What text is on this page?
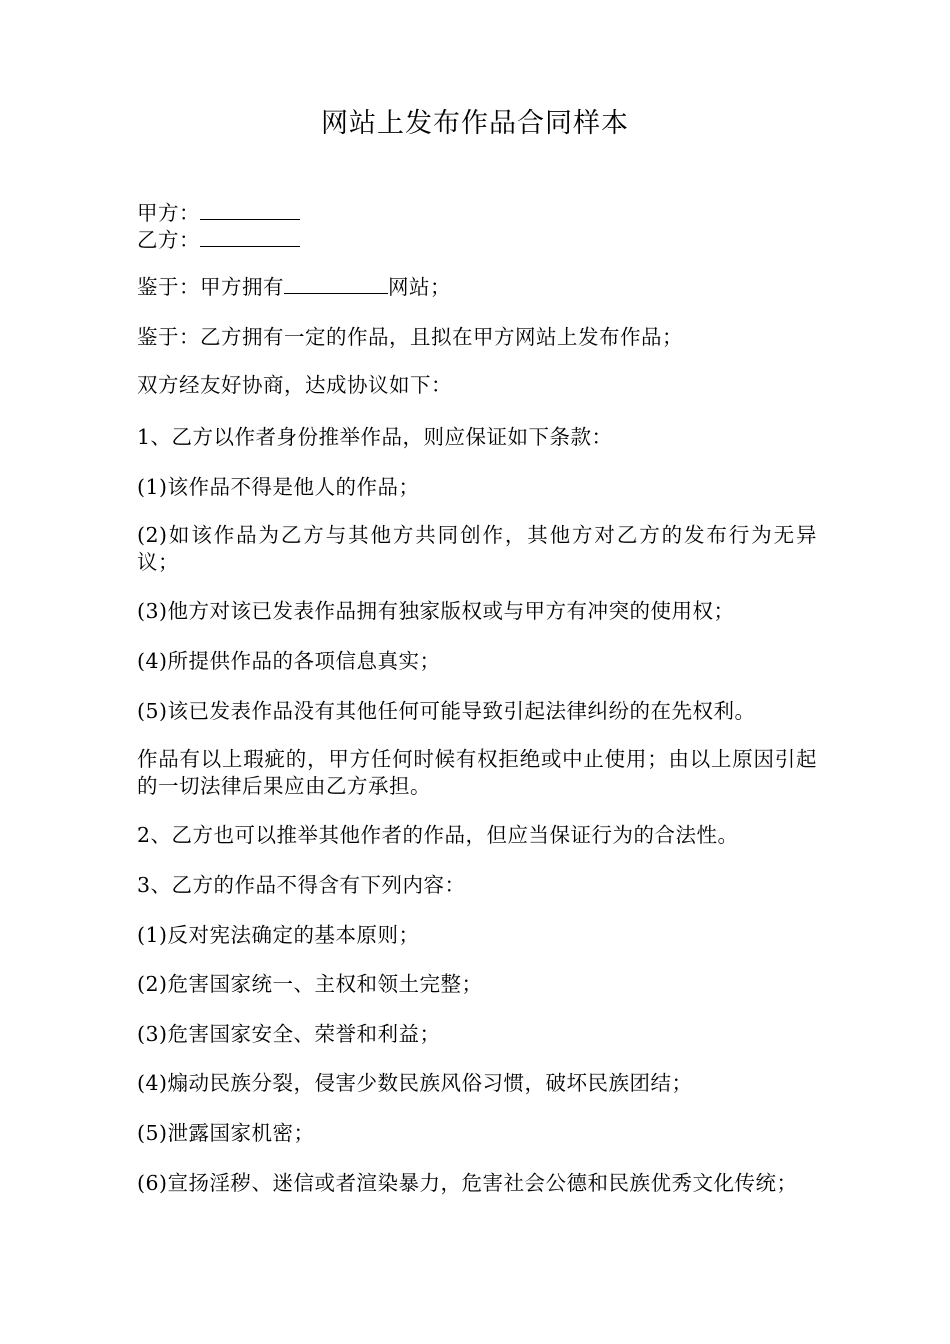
网站上发布作品合同样本
甲方：
乙方：
鉴于：甲方拥有	网站；
鉴于：乙方拥有一定的作品，且拟在甲方网站上发布作品；
双方经友好协商，达成协议如下：
1、乙方以作者身份推举作品，则应保证如下条款：
(1)该作品不得是他人的作品；
(2)如该作品为乙方与其他方共同创作，其他方对乙方的发布行为无异议；
(3)他方对该已发表作品拥有独家版权或与甲方有冲突的使用权；
(4)所提供作品的各项信息真实；
(5)该已发表作品没有其他任何可能导致引起法律纠纷的在先权利。
作品有以上瑕疵的，甲方任何时候有权拒绝或中止使用；由以上原因引起的一切法律后果应由乙方承担。
2、乙方也可以推举其他作者的作品，但应当保证行为的合法性。
3、乙方的作品不得含有下列内容：
(1)反对宪法确定的基本原则；
(2)危害国家统一、主权和领土完整；
(3)危害国家安全、荣誉和利益；
(4)煽动民族分裂，侵害少数民族风俗习惯，破坏民族团结；
(5)泄露国家机密；
(6)宣扬淫秽、迷信或者渲染暴力，危害社会公德和民族优秀文化传统；
